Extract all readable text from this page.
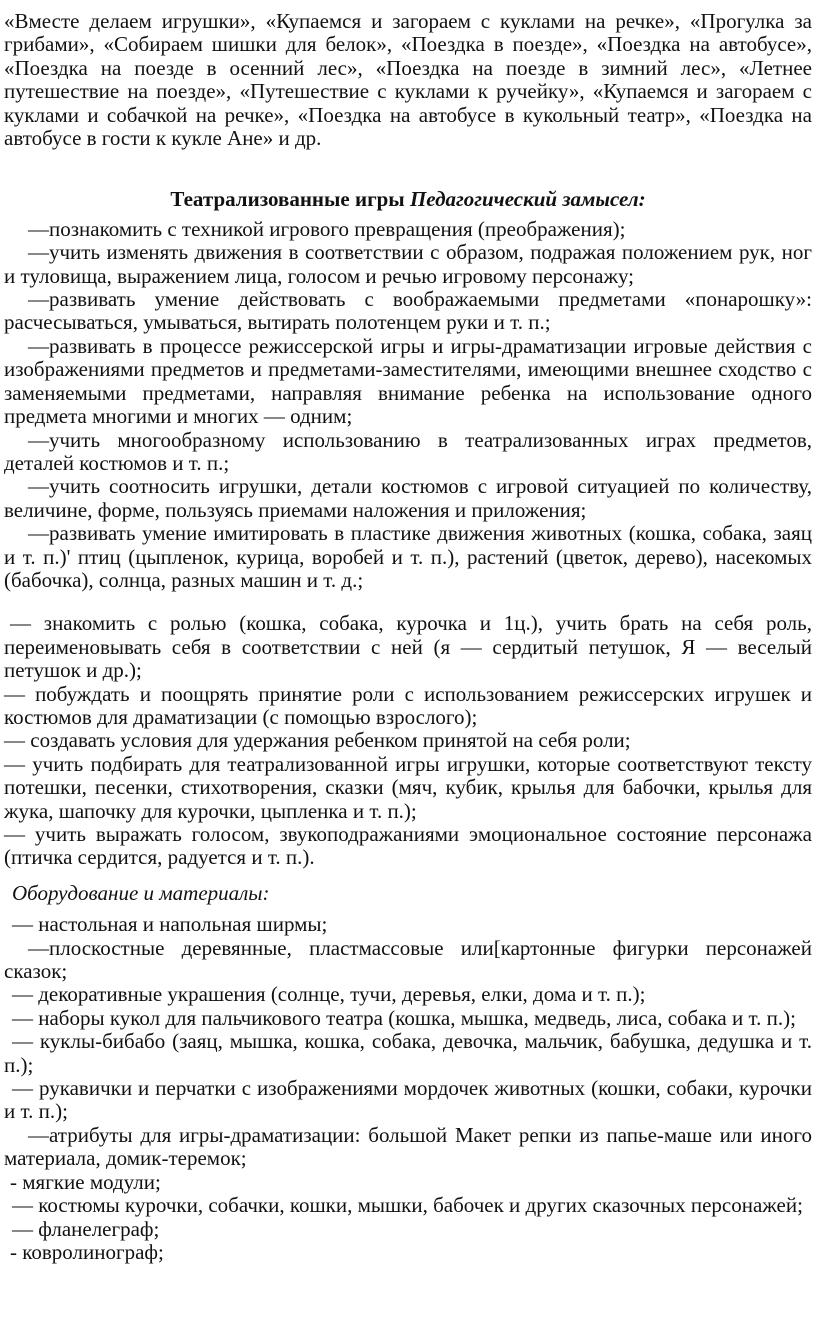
«Вместе делаем игрушки», «Купаемся и загораем с куклами на речке», «Прогулка за грибами», «Собираем шишки для белок», «Поездка в поезде», «Поездка на автобусе», «Поездка на поезде в осенний лес», «Поездка на поезде в зимний лес», «Летнее путешествие на поезде», «Путешествие с куклами к ручейку», «Купаемся и загораем с куклами и собачкой на речке», «Поездка на автобусе в кукольный театр», «Поездка на автобусе в гости к кукле Ане» и др.

Театрализованные игры Педагогический замысел:

—познакомить с техникой игрового превращения (преображения);

—учить изменять движения в соответствии с образом, подражая положением рук, ног и туловища, выражением лица, голосом и речью игровому персонажу;

—развивать умение действовать с воображаемыми предметами «понарошку»: расчесываться, умываться, вытирать полотенцем руки и т. п.;

—развивать в процессе режиссерской игры и игры-драматизации игровые действия с изображениями предметов и предметами-заместителями, имеющими внешнее сходство с заменяемыми предметами, направляя внимание ребенка на использование одного предмета многими и многих — одним;

—учить многообразному использованию в театрализованных играх предметов, деталей костюмов и т. п.;

—учить соотносить игрушки, детали костюмов с игровой ситуацией по количеству, величине, форме, пользуясь приемами наложения и приложения;

—развивать умение имитировать в пластике движения животных (кошка, собака, заяц и т. п.)' птиц (цыпленок, курица, воробей и т. п.), растений (цветок, дерево), насекомых (бабочка), солнца, разных машин и т. д.;

— знакомить с ролью (кошка, собака, курочка и 1ц.), учить брать на себя роль, переименовывать себя в соответствии с ней (я — сердитый петушок, Я — веселый петушок и др.);

— побуждать и поощрять принятие роли с использованием режиссерских игрушек и костюмов для драматизации (с помощью взрослого);

— создавать условия для удержания ребенком принятой на себя роли;

— учить подбирать для театрализованной игры игрушки, которые соответствуют тексту потешки, песенки, стихотворения, сказки (мяч, кубик, крылья для бабочки, крылья для жука, шапочку для курочки, цыпленка и т. п.);

— учить выражать голосом, звукоподражаниями эмоциональное состояние персонажа (птичка сердится, радуется и т. п.).

Оборудование и материалы:

— настольная и напольная ширмы;

—плоскостные деревянные, пластмассовые или[картонные фигурки персонажей сказок;

— декоративные украшения (солнце, тучи, деревья, елки, дома и т. п.);

— наборы кукол для пальчикового театра (кошка, мышка, медведь, лиса, собака и т. п.);

— куклы-бибабо (заяц, мышка, кошка, собака, девочка, мальчик, бабушка, дедушка и т. п.);

— рукавички и перчатки с изображениями мордочек животных (кошки, собаки, курочки и т. п.);

—атрибуты для игры-драматизации: большой Макет репки из папье-маше или иного материала, домик-теремок;

- мягкие модули;

— костюмы курочки, собачки, кошки, мышки, бабочек и других сказочных персонажей;

— фланелеграф;

- ковролинограф;
